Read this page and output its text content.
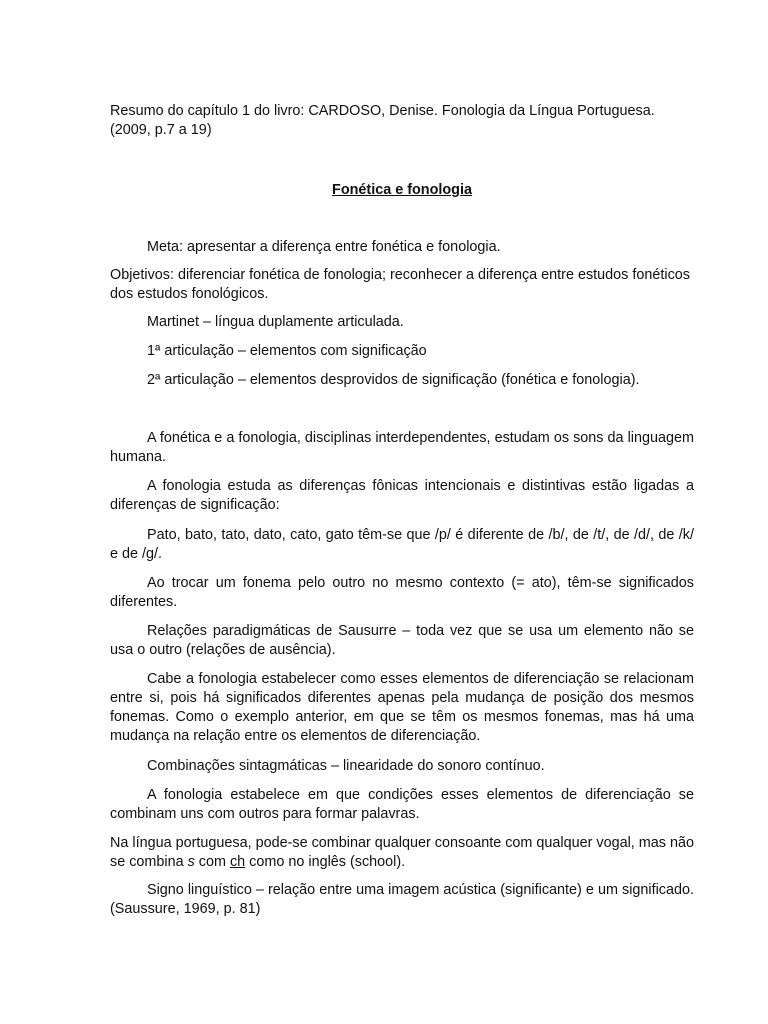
Resumo do capítulo 1 do livro: CARDOSO, Denise. Fonologia da Língua Portuguesa. (2009, p.7 a 19)

Fonética e fonologia

Meta: apresentar a diferença entre fonética e fonologia.

Objetivos: diferenciar fonética de fonologia; reconhecer a diferença entre estudos fonéticos dos estudos fonológicos.

Martinet – língua duplamente articulada.

1ª articulação – elementos com significação

2ª articulação – elementos desprovidos de significação (fonética e fonologia).

A fonética e a fonologia, disciplinas interdependentes, estudam os sons da linguagem humana.

A fonologia estuda as diferenças fônicas intencionais e distintivas estão ligadas a diferenças de significação:

Pato, bato, tato, dato, cato, gato têm-se que /p/ é diferente de /b/, de /t/, de /d/, de /k/ e de /g/.

Ao trocar um fonema pelo outro no mesmo contexto (= ato), têm-se significados diferentes.

Relações paradigmáticas de Sausurre – toda vez que se usa um elemento não se usa o outro (relações de ausência).

Cabe a fonologia estabelecer como esses elementos de diferenciação se relacionam entre si, pois há significados diferentes apenas pela mudança de posição dos mesmos fonemas. Como o exemplo anterior, em que se têm os mesmos fonemas, mas há uma mudança na relação entre os elementos de diferenciação.

Combinações sintagmáticas – linearidade do sonoro contínuo.

A fonologia estabelece em que condições esses elementos de diferenciação se combinam uns com outros para formar palavras.

Na língua portuguesa, pode-se combinar qualquer consoante com qualquer vogal, mas não se combina s com ch como no inglês (school).

Signo linguístico – relação entre uma imagem acústica (significante) e um significado. (Saussure, 1969, p. 81)
